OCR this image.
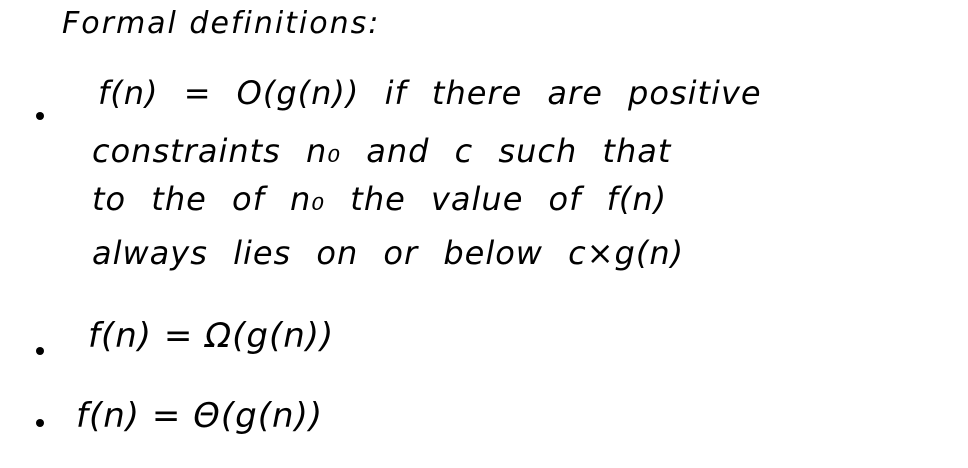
Formal definitions:
f(n) = O(g(n)) if there are positive
constraints n₀ and c such that
to the of n₀ the value of f(n)
always lies on or below c×g(n)
f(n) = Ω(g(n))
f(n) = Θ(g(n))
